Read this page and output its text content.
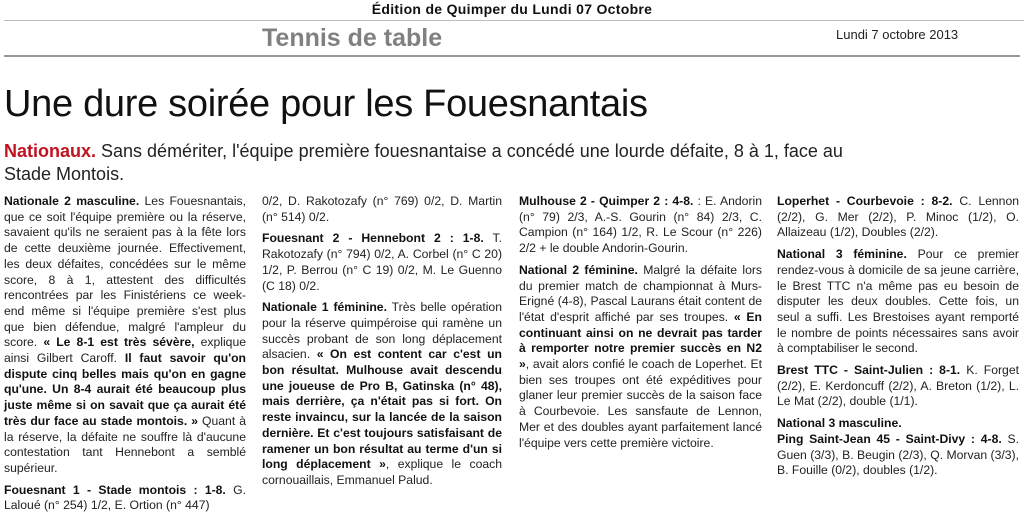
Édition de Quimper du Lundi 07 Octobre
Tennis de table	Lundi 7 octobre 2013
Une dure soirée pour les Fouesnantais
Nationaux. Sans démériter, l'équipe première fouesnantaise a concédé une lourde défaite, 8 à 1, face au Stade Montois.

Nationale 2 masculine. Les Fouesnantais, que ce soit l'équipe première ou la réserve, savaient qu'ils ne seraient pas à la fête lors de cette deuxième journée. Effectivement, les deux défaites, concédées sur le même score, 8 à 1, attestent des difficultés rencontrées par les Finistériens ce week-end même si l'équipe première s'est plus que bien défendue, malgré l'ampleur du score. « Le 8-1 est très sévère, explique ainsi Gilbert Caroff. Il faut savoir qu'on dispute cinq belles mais qu'on en gagne qu'une. Un 8-4 aurait été beaucoup plus juste même si on savait que ça aurait été très dur face au stade montois. » Quant à la réserve, la défaite ne souffre là d'aucune contestation tant Hennebont a semblé supérieur.

Fouesnant 1 - Stade montois : 1-8. G. Laloué (n° 254) 1/2, E. Ortion (n° 447)

0/2, D. Rakotozafy (n° 769) 0/2, D. Martin (n° 514) 0/2.

Fouesnant 2 - Hennebont 2 : 1-8. T. Rakotozafy (n° 794) 0/2, A. Corbel (n° C 20) 1/2, P. Berrou (n° C 19) 0/2, M. Le Guenno (C 18) 0/2.

Nationale 1 féminine. Très belle opération pour la réserve quimpéroise qui ramène un succès probant de son long déplacement alsacien. « On est content car c'est un bon résultat. Mulhouse avait descendu une joueuse de Pro B, Gatinska (n° 48), mais derrière, ça n'était pas si fort. On reste invaincu, sur la lancée de la saison dernière. Et c'est toujours satisfaisant de ramener un bon résultat au terme d'un si long déplacement », explique le coach cornouaillais, Emmanuel Palud.

Mulhouse 2 - Quimper 2 : 4-8. : E. Andorin (n° 79) 2/3, A.-S. Gourin (n° 84) 2/3, C. Campion (n° 164) 1/2, R. Le Scour (n° 226) 2/2 + le double Andorin-Gourin.

National 2 féminine. Malgré la défaite lors du premier match de championnat à Murs-Erigné (4-8), Pascal Laurans était content de l'état d'esprit affiché par ses troupes. « En continuant ainsi on ne devrait pas tarder à remporter notre premier succès en N2 », avait alors confié le coach de Loperhet. Et bien ses troupes ont été expéditives pour glaner leur premier succès de la saison face à Courbevoie. Les sansfaute de Lennon, Mer et des doubles ayant parfaitement lancé l'équipe vers cette première victoire.

Loperhet - Courbevoie : 8-2. C. Lennon (2/2), G. Mer (2/2), P. Minoc (1/2), O. Allaizeau (1/2), Doubles (2/2).

National 3 féminine. Pour ce premier rendez-vous à domicile de sa jeune carrière, le Brest TTC n'a même pas eu besoin de disputer les deux doubles. Cette fois, un seul a suffi. Les Brestoises ayant remporté le nombre de points nécessaires sans avoir à comptabiliser le second.

Brest TTC - Saint-Julien : 8-1. K. Forget (2/2), E. Kerdoncuff (2/2), A. Breton (1/2), L. Le Mat (2/2), double (1/1).

National 3 masculine.
Ping Saint-Jean 45 - Saint-Divy : 4-8. S. Guen (3/3), B. Beugin (2/3), Q. Morvan (3/3), B. Fouille (0/2), doubles (1/2).
